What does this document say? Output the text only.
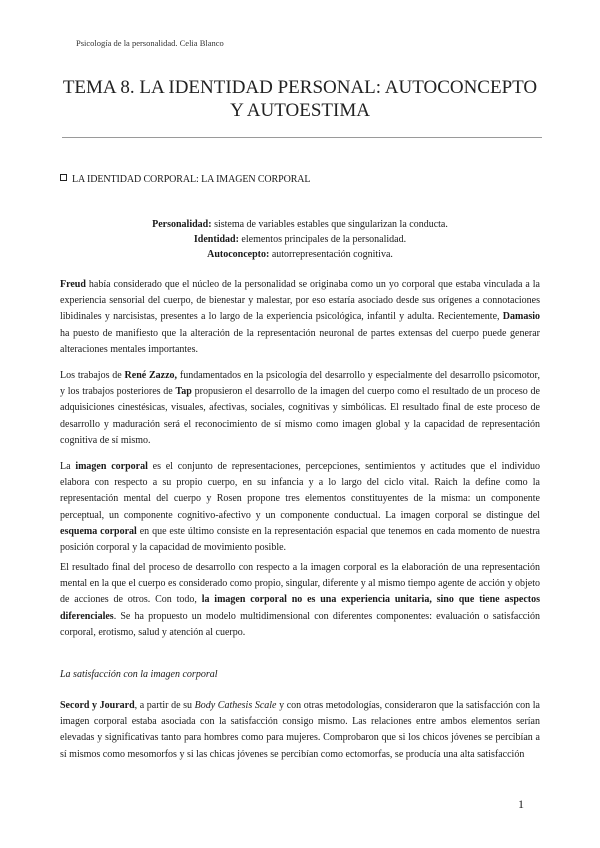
Psicología de la personalidad. Celia Blanco
TEMA 8. LA IDENTIDAD PERSONAL: AUTOCONCEPTO Y AUTOESTIMA
LA IDENTIDAD CORPORAL: LA IMAGEN CORPORAL
Personalidad: sistema de variables estables que singularizan la conducta.
Identidad: elementos principales de la personalidad.
Autoconcepto: autorrepresentación cognitiva.

Freud había considerado que el núcleo de la personalidad se originaba como un yo corporal que estaba vinculada a la experiencia sensorial del cuerpo, de bienestar y malestar, por eso estaría asociado desde sus orígenes a connotaciones libidinales y narcisistas, presentes a lo largo de la experiencia psicológica, infantil y adulta. Recientemente, Damasio ha puesto de manifiesto que la alteración de la representación neuronal de partes extensas del cuerpo puede generar alteraciones mentales importantes.

Los trabajos de René Zazzo, fundamentados en la psicología del desarrollo y especialmente del desarrollo psicomotor, y los trabajos posteriores de Tap propusieron el desarrollo de la imagen del cuerpo como el resultado de un proceso de adquisiciones cinestésicas, visuales, afectivas, sociales, cognitivas y simbólicas. El resultado final de este proceso de desarrollo y maduración será el reconocimiento de sí mismo como imagen global y la capacidad de representación cognitiva de sí mismo.

La imagen corporal es el conjunto de representaciones, percepciones, sentimientos y actitudes que el individuo elabora con respecto a su propio cuerpo, en su infancia y a lo largo del ciclo vital. Raich la define como la representación mental del cuerpo y Rosen propone tres elementos constituyentes de la misma: un componente perceptual, un componente cognitivo-afectivo y un componente conductual. La imagen corporal se distingue del esquema corporal en que este último consiste en la representación espacial que tenemos en cada momento de nuestra posición corporal y la capacidad de movimiento posible.

El resultado final del proceso de desarrollo con respecto a la imagen corporal es la elaboración de una representación mental en la que el cuerpo es considerado como propio, singular, diferente y al mismo tiempo agente de acción y objeto de acciones de otros. Con todo, la imagen corporal no es una experiencia unitaria, sino que tiene aspectos diferenciales. Se ha propuesto un modelo multidimensional con diferentes componentes: evaluación o satisfacción corporal, erotismo, salud y atención al cuerpo.

La satisfacción con la imagen corporal

Secord y Jourard, a partir de su Body Cathesis Scale y con otras metodologías, consideraron que la satisfacción con la imagen corporal estaba asociada con la satisfacción consigo mismo. Las relaciones entre ambos elementos serían elevadas y significativas tanto para hombres como para mujeres. Comprobaron que si los chicos jóvenes se percibían a sí mismos como mesomorfos y si las chicas jóvenes se percibían como ectomorfas, se producía una alta satisfacción

1
